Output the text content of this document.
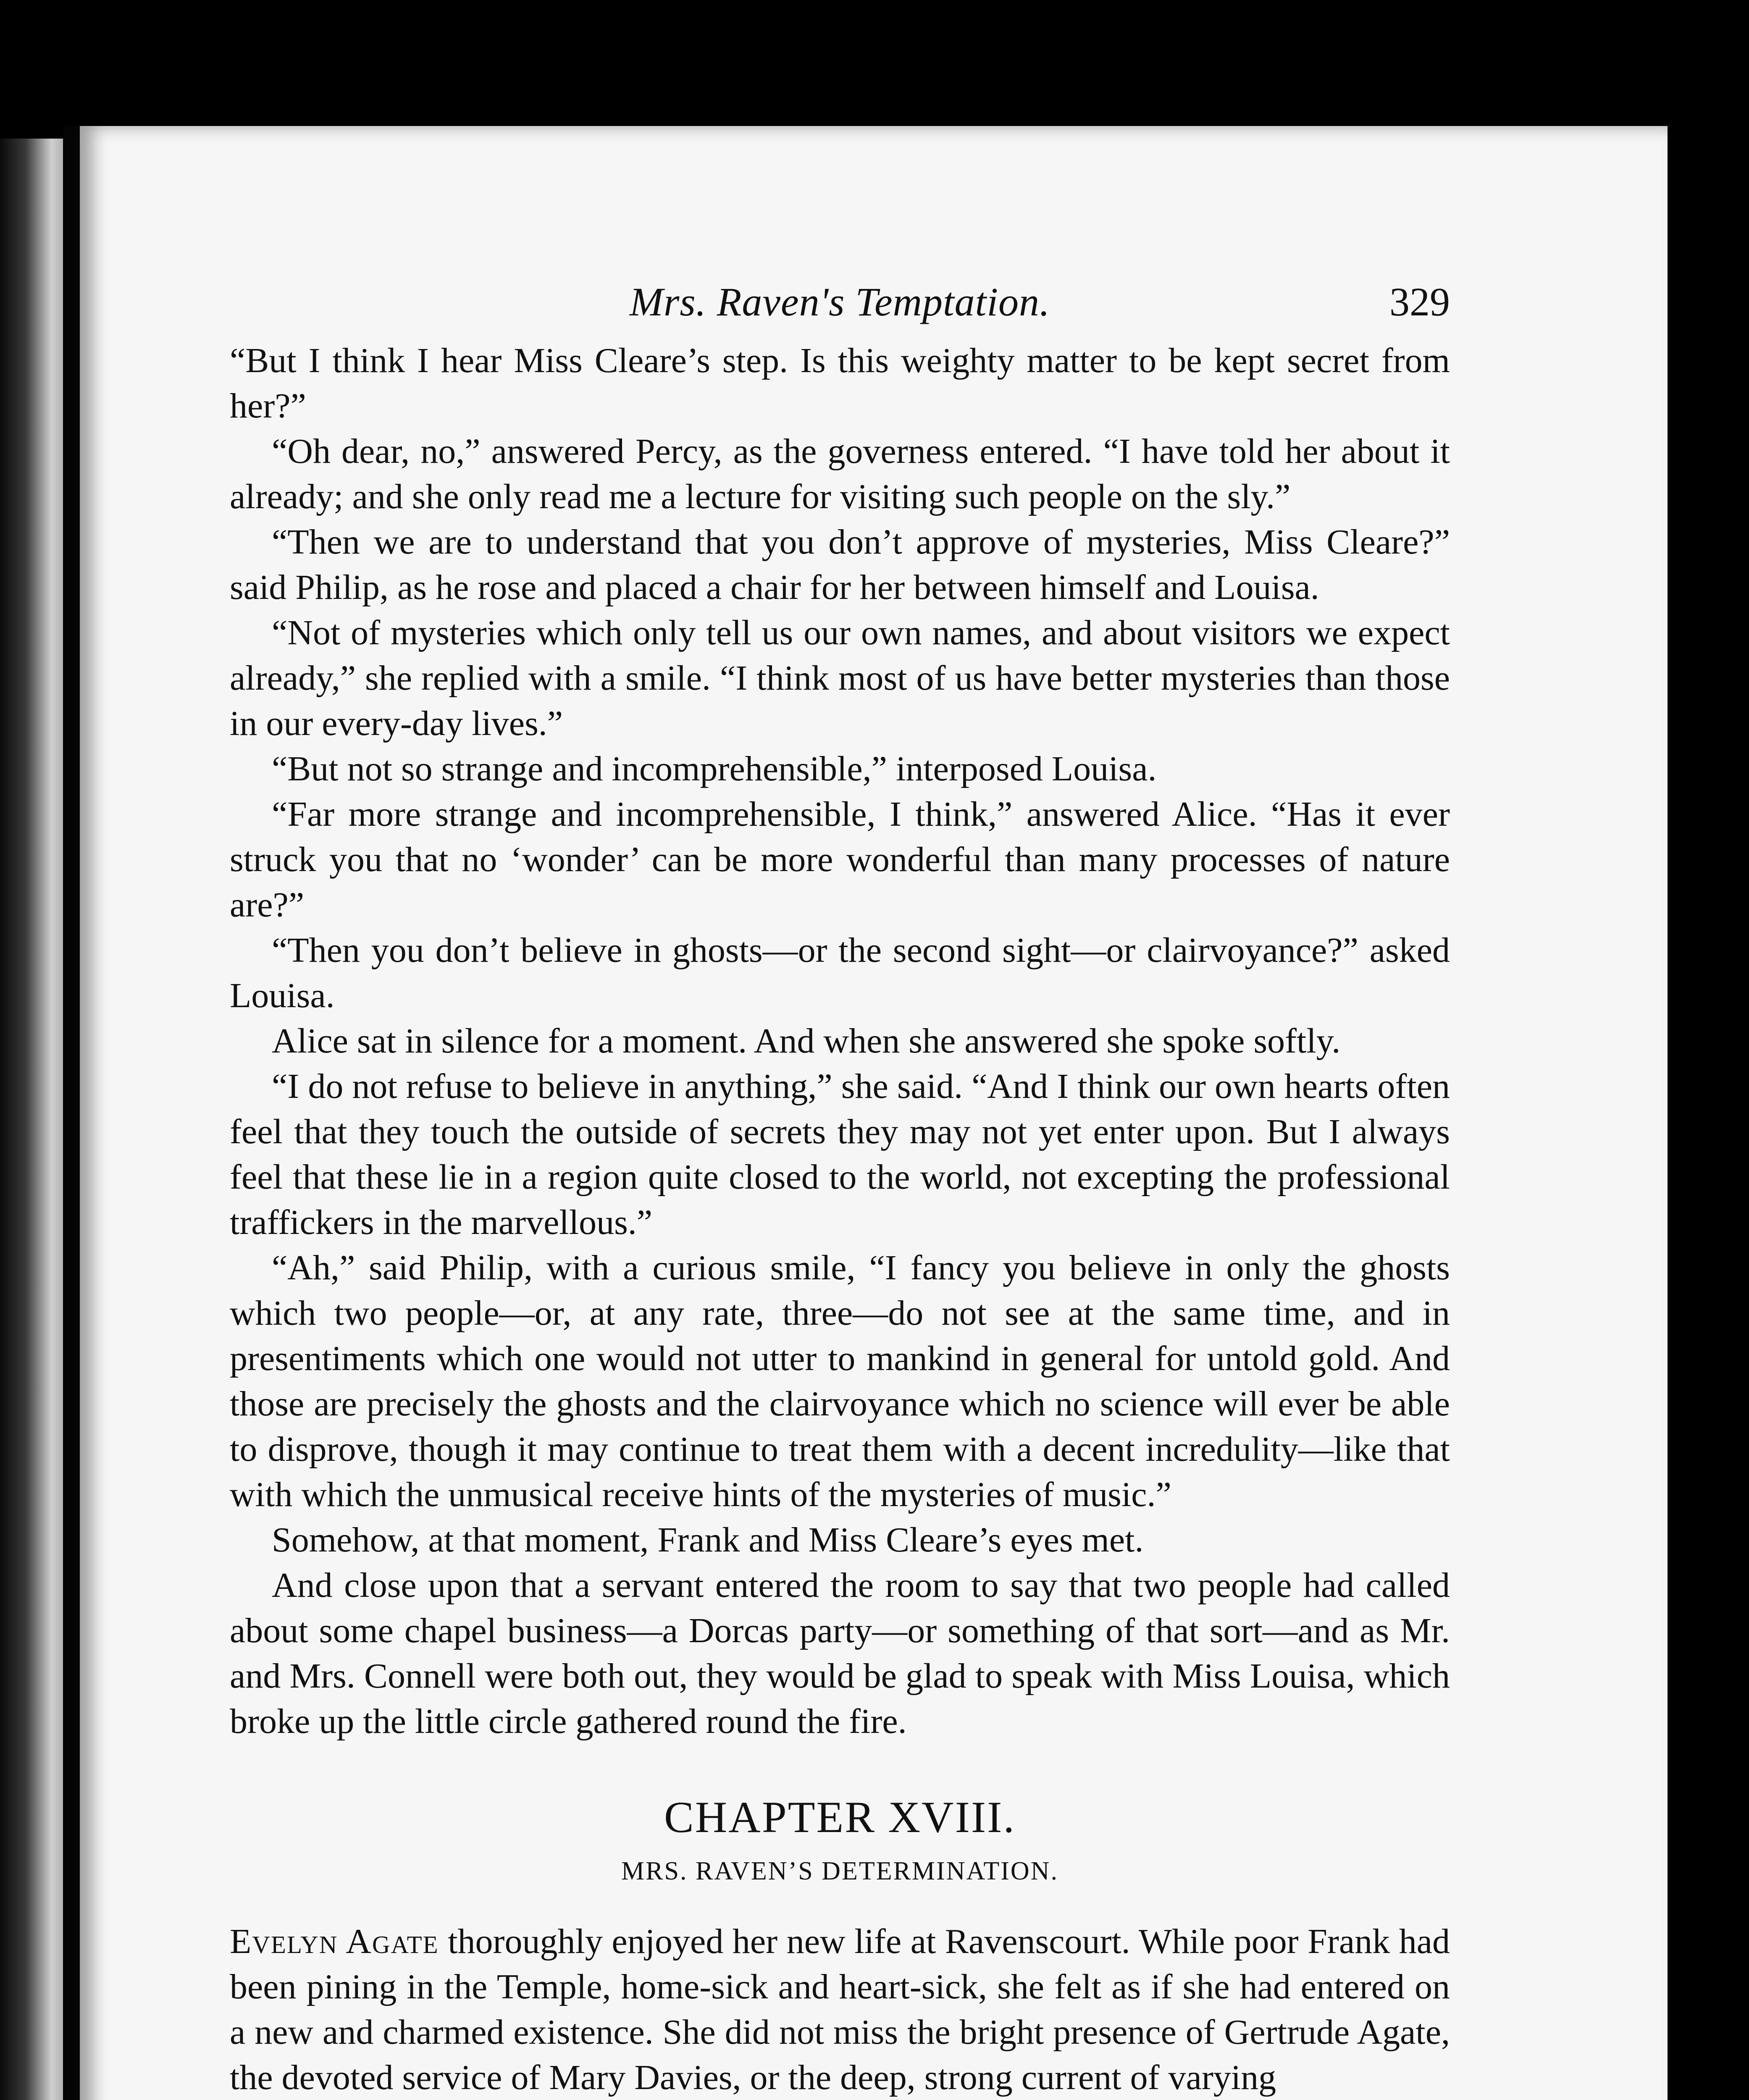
Mrs. Raven's Temptation.	329

“But I think I hear Miss Cleare’s step. Is this weighty matter to be kept secret from her?”

“Oh dear, no,” answered Percy, as the governess entered. “I have told her about it already; and she only read me a lecture for visiting such people on the sly.”

“Then we are to understand that you don’t approve of mysteries, Miss Cleare?” said Philip, as he rose and placed a chair for her between himself and Louisa.

“Not of mysteries which only tell us our own names, and about visitors we expect already,” she replied with a smile. “I think most of us have better mysteries than those in our every-day lives.”

“But not so strange and incomprehensible,” interposed Louisa.

“Far more strange and incomprehensible, I think,” answered Alice. “Has it ever struck you that no ‘wonder’ can be more wonderful than many processes of nature are?”

“Then you don’t believe in ghosts—or the second sight—or clairvoyance?” asked Louisa.

Alice sat in silence for a moment. And when she answered she spoke softly.

“I do not refuse to believe in anything,” she said. “And I think our own hearts often feel that they touch the outside of secrets they may not yet enter upon. But I always feel that these lie in a region quite closed to the world, not excepting the professional traffickers in the marvellous.”

“Ah,” said Philip, with a curious smile, “I fancy you believe in only the ghosts which two people—or, at any rate, three—do not see at the same time, and in presentiments which one would not utter to mankind in general for untold gold. And those are precisely the ghosts and the clairvoyance which no science will ever be able to disprove, though it may continue to treat them with a decent incredulity—like that with which the unmusical receive hints of the mysteries of music.”

Somehow, at that moment, Frank and Miss Cleare’s eyes met.

And close upon that a servant entered the room to say that two people had called about some chapel business—a Dorcas party—or something of that sort—and as Mr. and Mrs. Connell were both out, they would be glad to speak with Miss Louisa, which broke up the little circle gathered round the fire.

CHAPTER XVIII.
MRS. RAVEN’S DETERMINATION.

Evelyn Agate thoroughly enjoyed her new life at Ravenscourt. While poor Frank had been pining in the Temple, home-sick and heart-sick, she felt as if she had entered on a new and charmed existence. She did not miss the bright presence of Gertrude Agate, the devoted service of Mary Davies, or the deep, strong current of varying
